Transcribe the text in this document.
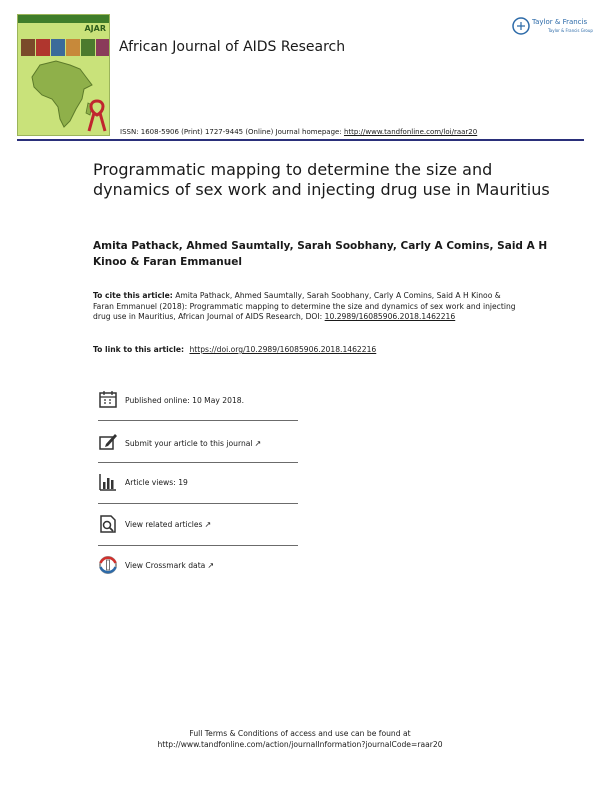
AJAR
African Journal of AIDS Research
Taylor & Francis
Taylor & Francis Group
ISSN: 1608-5906 (Print) 1727-9445 (Online) Journal homepage: http://www.tandfonline.com/loi/raar20
Programmatic mapping to determine the size and dynamics of sex work and injecting drug use in Mauritius
Amita Pathack, Ahmed Saumtally, Sarah Soobhany, Carly A Comins, Said A H Kinoo & Faran Emmanuel
To cite this article: Amita Pathack, Ahmed Saumtally, Sarah Soobhany, Carly A Comins, Said A H Kinoo & Faran Emmanuel (2018): Programmatic mapping to determine the size and dynamics of sex work and injecting drug use in Mauritius, African Journal of AIDS Research, DOI: 10.2989/16085906.2018.1462216
To link to this article: https://doi.org/10.2989/16085906.2018.1462216
Published online: 10 May 2018.
Submit your article to this journal ↗
Article views: 19
View related articles ↗
View Crossmark data ↗
Full Terms & Conditions of access and use can be found at
http://www.tandfonline.com/action/journalInformation?journalCode=raar20
